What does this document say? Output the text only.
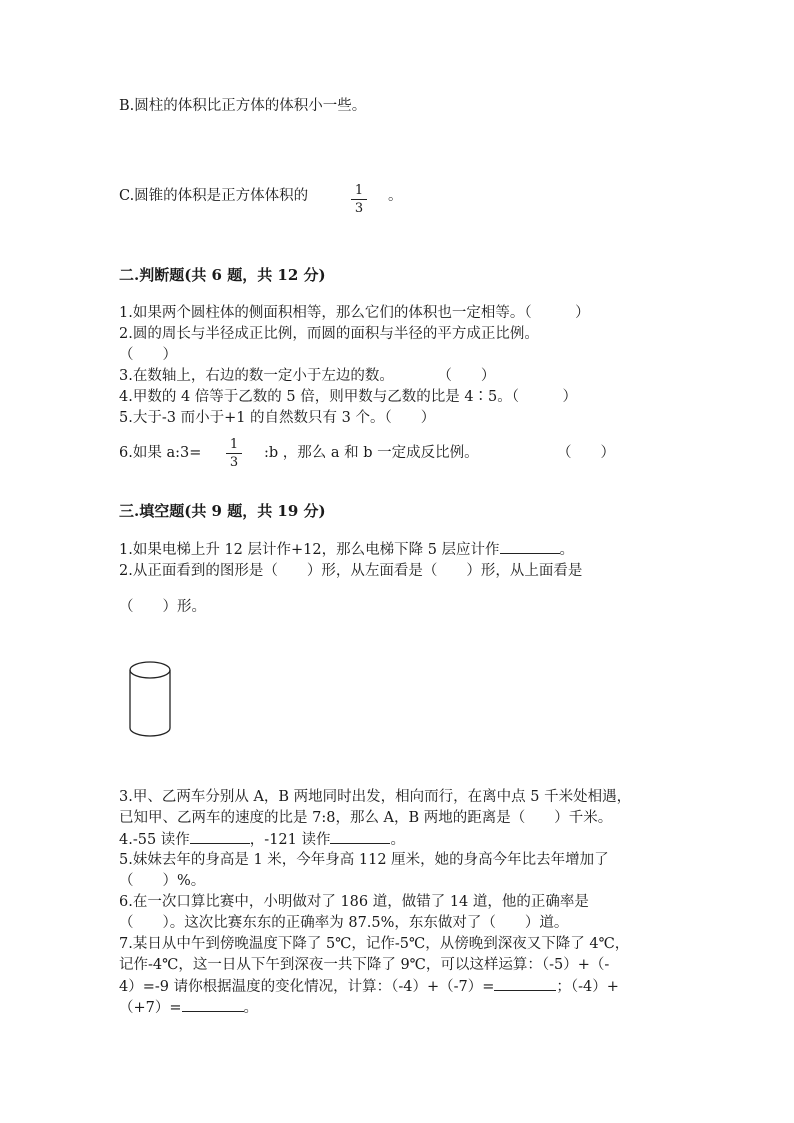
B.圆柱的体积比正方体的体积小一些。
C.圆锥的体积是正方体体积的	1
3
。
二.判断题(共 6 题，共 12 分)
1.如果两个圆柱体的侧面积相等，那么它们的体积也一定相等。（　　　）
2.圆的周长与半径成正比例，而圆的面积与半径的平方成正比例。
（　　）
3.在数轴上，右边的数一定小于左边的数。　　　　（　　）
4.甲数的 4 倍等于乙数的 5 倍，则甲数与乙数的比是 4∶5。（　　　）
5.大于-3 而小于+1 的自然数只有 3 个。（　　）
6.如果 a:3=
1
3
:b ，那么 a 和 b 一定成反比例。	（　　）
三.填空题(共 9 题，共 19 分)
1.如果电梯上升 12 层计作+12，那么电梯下降 5 层应计作	。
2.从正面看到的图形是（　　）形，从左面看是（　　）形，从上面看是
（　　）形。
3.甲、乙两车分别从 A，B 两地同时出发，相向而行，在离中点 5 千米处相遇，
已知甲、乙两车的速度的比是 7:8，那么 A，B 两地的距离是（　　）千米。
4.-55 读作	，-121 读作	。
5.妹妹去年的身高是 1 米，今年身高 112 厘米，她的身高今年比去年增加了
（　　）%。
6.在一次口算比赛中，小明做对了 186 道，做错了 14 道，他的正确率是
（　　）。这次比赛东东的正确率为 87.5%，东东做对了（　　）道。
7.某日从中午到傍晚温度下降了 5℃，记作-5℃，从傍晚到深夜又下降了 4℃，
记作-4℃，这一日从下午到深夜一共下降了 9℃，可以这样运算：（-5）+（-
4）=-9 请你根据温度的变化情况，计算：（-4）+（-7）=	；（-4）+
（+7）=	。
